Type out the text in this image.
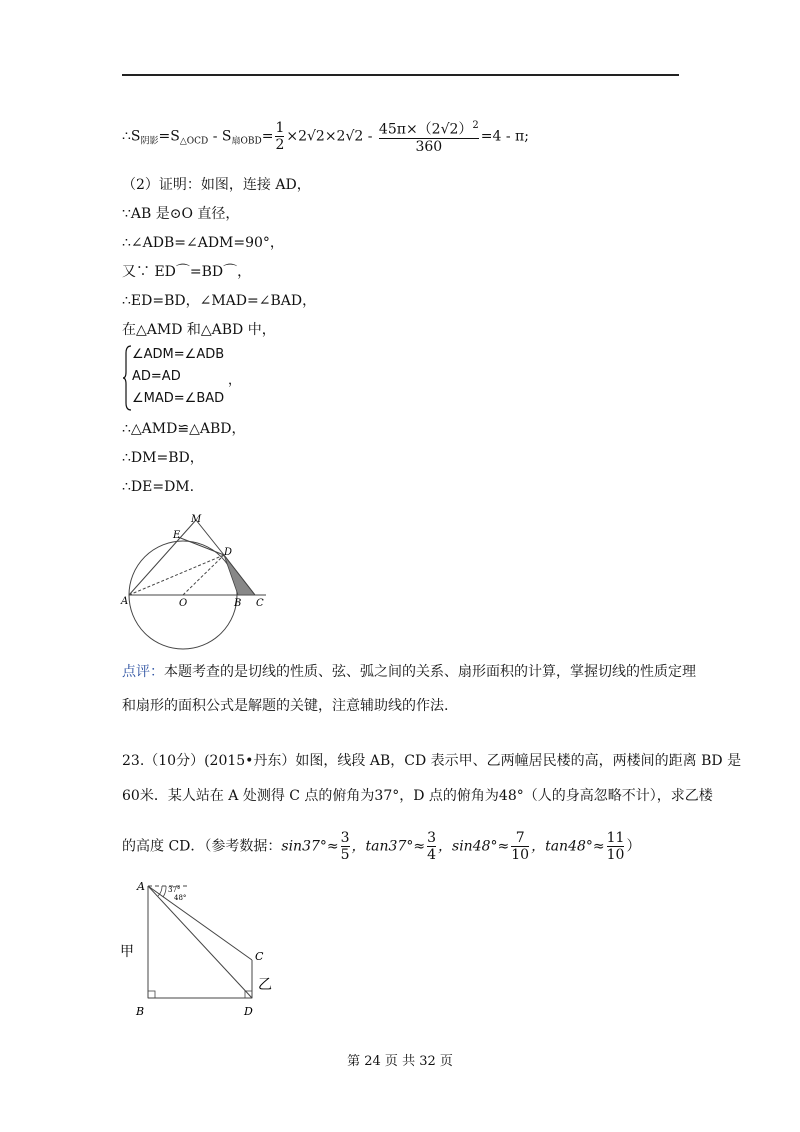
$\therefore S_{阴影}=S_{\triangle OCD} - S_{扇OBD}= \frac{1}{2} \times 2√2\times 2√2 - \frac{45\pi\times(2√2)^2}{360} =4 - \pi$;
（2）证明：如图，连接 AD，
∵AB 是⊙O 直径，
∴∠ADB=∠ADM=90°，
又∵ ED⌒=BD⌒，
∴ED=BD，∠MAD=∠BAD，
在△AMD 和△ABD 中，
∠ADM=∠ADB
AD=AD
∠MAD=∠BAD
，
∴△AMD≌△ABD，
∴DM=BD，
∴DE=DM.
M
E
D
A	O	B C
点评：本题考查的是切线的性质、弦、弧之间的关系、扇形面积的计算，掌握切线的性质定理
和扇形的面积公式是解题的关键，注意辅助线的作法.
23.（10分）(2015•丹东）如图，线段 AB，CD 表示甲、乙两幢居民楼的高，两楼间的距离 BD 是
60米．某人站在 A 处测得 C 点的俯角为37°，D 点的俯角为48°（人的身高忽略不计），求乙楼
的高度 CD．（参考数据：$\sin 37^\circ\approx \frac{3}{5}$ ，$\tan 37^\circ\approx \frac{3}{4}$ ，$\sin 48^\circ\approx \frac{7}{10}$ ，$\tan 48^\circ\approx \frac{11}{10}$ ）
A
B
C
D
甲
乙
37°
48°
第 24 页 共 32 页
